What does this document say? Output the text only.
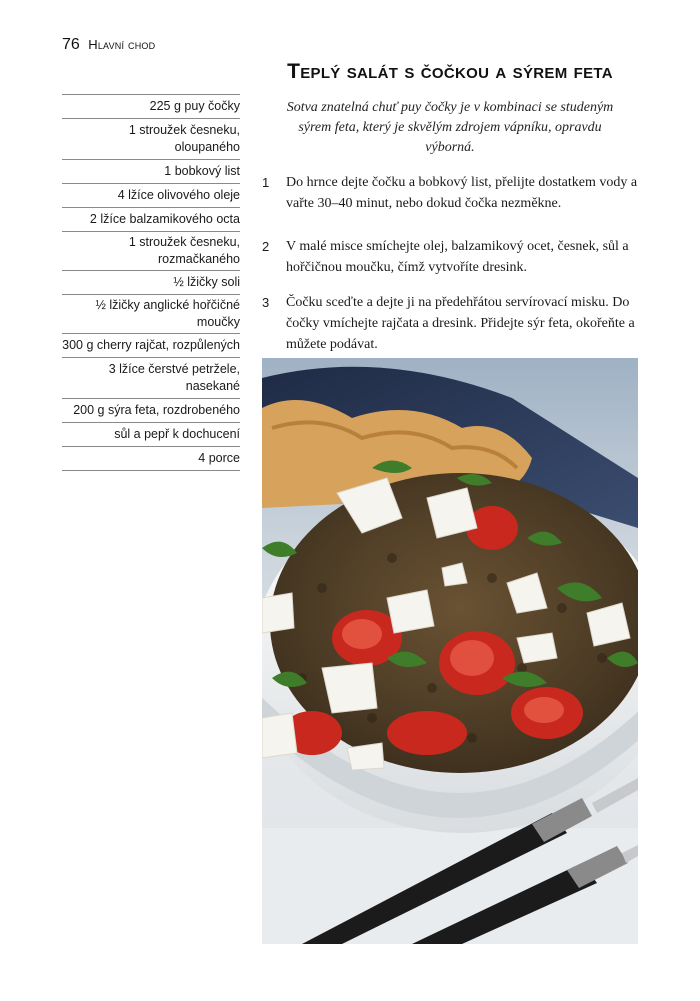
76 Hlavní chod
Teplý salát s čočkou a sýrem feta

Sotva znatelná chuť puy čočky je v kombinaci se studeným sýrem feta, který je skvělým zdrojem vápníku, opravdu výborná.

225 g puy čočky
1 stroužek česneku, oloupaného
1 bobkový list
4 lžíce olivového oleje
2 lžíce balzamikového octa
1 stroužek česneku, rozmačkaného
½ lžičky soli
½ lžičky anglické hořčičné moučky
300 g cherry rajčat, rozpůlených
3 lžíce čerstvé petržele, nasekané
200 g sýra feta, rozdrobeného
sůl a pepř k dochucení
4 porce
1 Do hrnce dejte čočku a bobkový list, přelijte dostatkem vody a vařte 30–40 minut, nebo dokud čočka nezměkne.
2 V malé misce smíchejte olej, balzamikový ocet, česnek, sůl a hořčičnou moučku, čímž vytvoříte dresink.
3 Čočku sceďte a dejte ji na předehřátou servírovací misku. Do čočky vmíchejte rajčata a dresink. Přidejte sýr feta, okořeňte a můžete podávat.
